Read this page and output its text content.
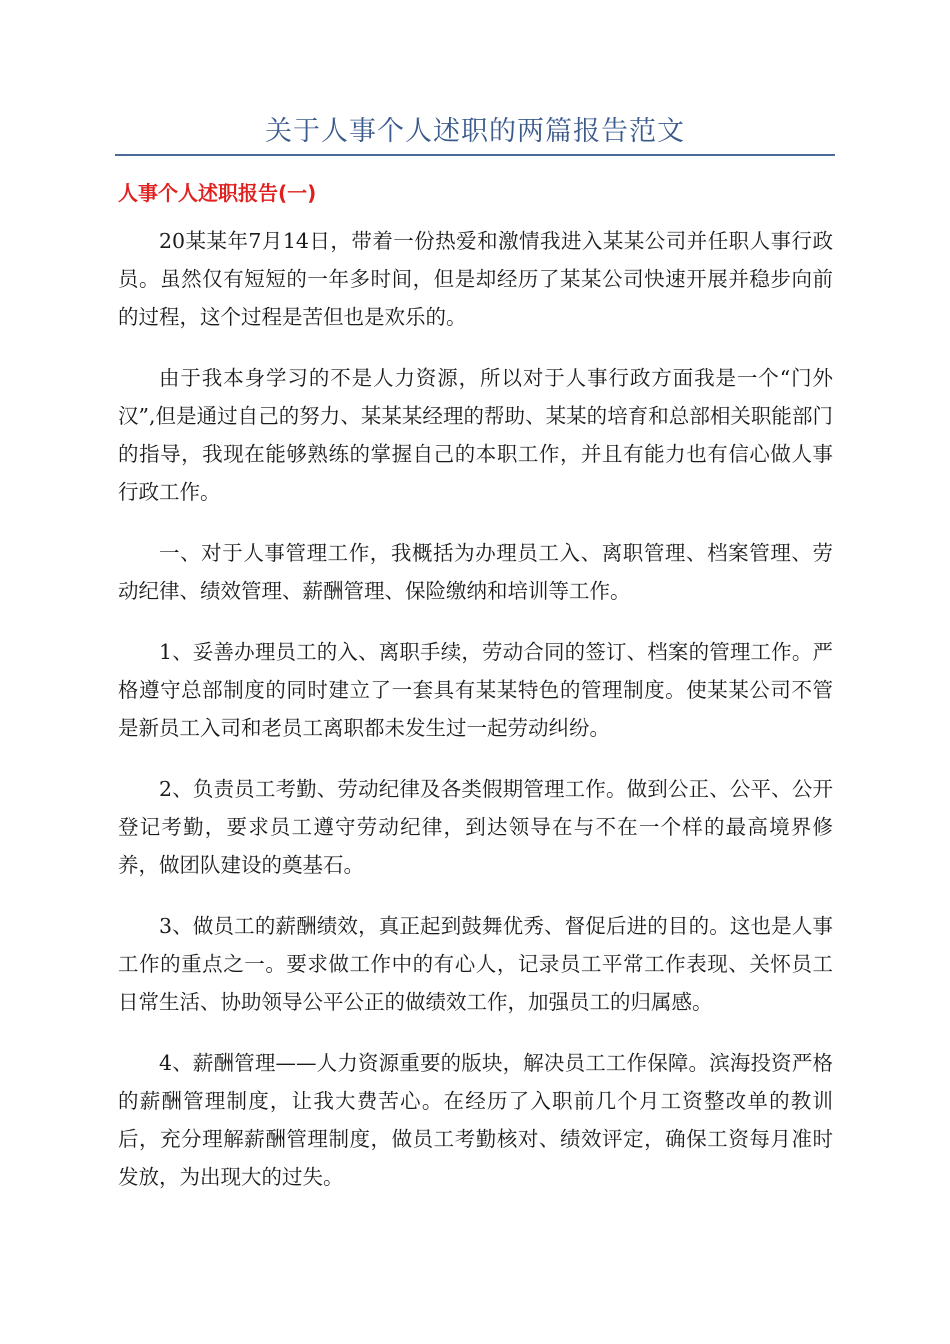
关于人事个人述职的两篇报告范文
人事个人述职报告(一)

20某某年7月14日，带着一份热爱和激情我进入某某公司并任职人事行政员。虽然仅有短短的一年多时间，但是却经历了某某公司快速开展并稳步向前的过程，这个过程是苦但也是欢乐的。

由于我本身学习的不是人力资源，所以对于人事行政方面我是一个“门外汉”,但是通过自己的努力、某某某经理的帮助、某某的培育和总部相关职能部门的指导，我现在能够熟练的掌握自己的本职工作，并且有能力也有信心做人事行政工作。

一、对于人事管理工作，我概括为办理员工入、离职管理、档案管理、劳动纪律、绩效管理、薪酬管理、保险缴纳和培训等工作。

1、妥善办理员工的入、离职手续，劳动合同的签订、档案的管理工作。严格遵守总部制度的同时建立了一套具有某某特色的管理制度。使某某公司不管是新员工入司和老员工离职都未发生过一起劳动纠纷。

2、负责员工考勤、劳动纪律及各类假期管理工作。做到公正、公平、公开登记考勤，要求员工遵守劳动纪律，到达领导在与不在一个样的最高境界修养，做团队建设的奠基石。

3、做员工的薪酬绩效，真正起到鼓舞优秀、督促后进的目的。这也是人事工作的重点之一。要求做工作中的有心人，记录员工平常工作表现、关怀员工日常生活、协助领导公平公正的做绩效工作，加强员工的归属感。

4、薪酬管理——人力资源重要的版块，解决员工工作保障。滨海投资严格的薪酬管理制度，让我大费苦心。在经历了入职前几个月工资整改单的教训后，充分理解薪酬管理制度，做员工考勤核对、绩效评定，确保工资每月准时发放，为出现大的过失。
